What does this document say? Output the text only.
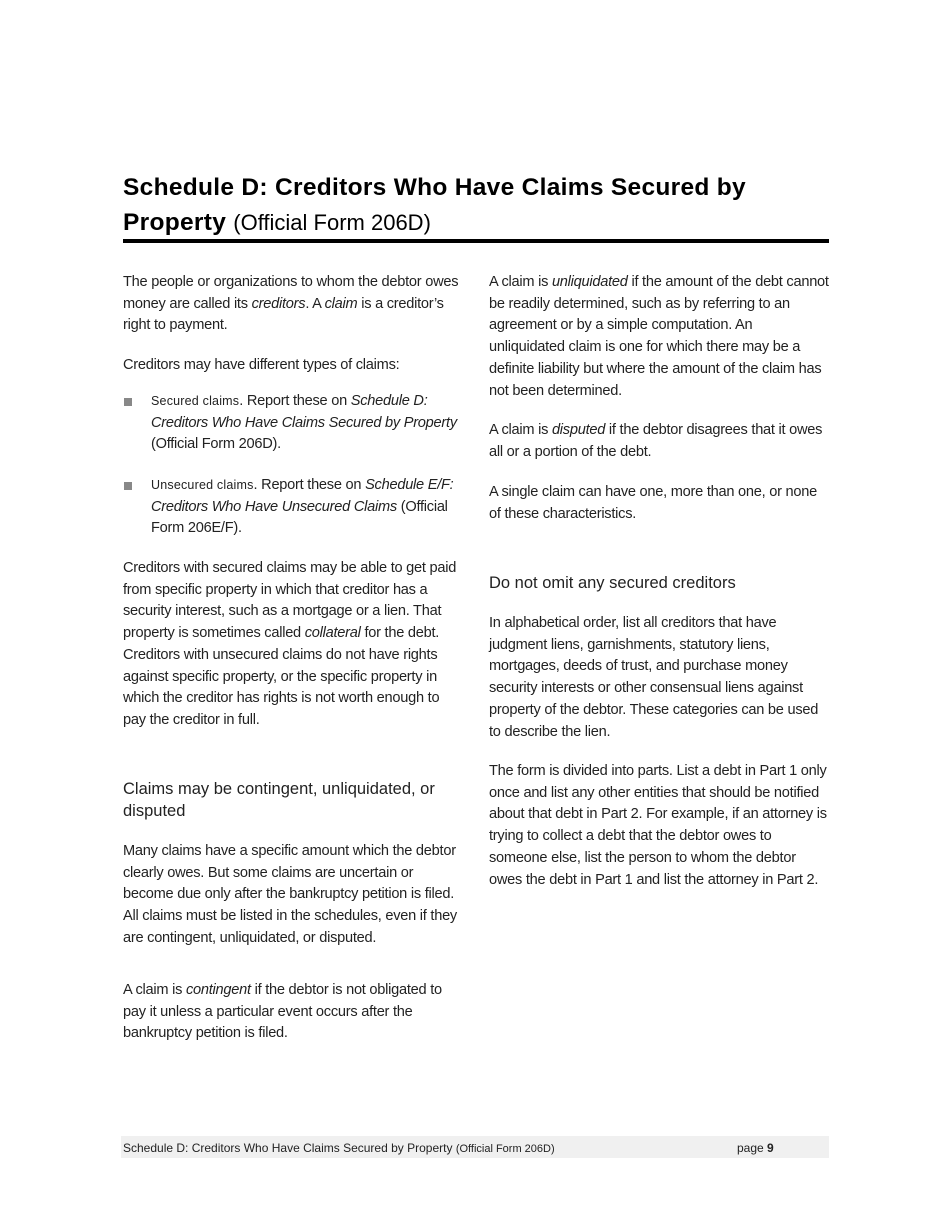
Schedule D: Creditors Who Have Claims Secured by Property (Official Form 206D)

The people or organizations to whom the debtor owes money are called its creditors. A claim is a creditor’s right to payment.

Creditors may have different types of claims:

Secured claims. Report these on Schedule D: Creditors Who Have Claims Secured by Property (Official Form 206D).
Unsecured claims. Report these on Schedule E/F: Creditors Who Have Unsecured Claims (Official Form 206E/F).

Creditors with secured claims may be able to get paid from specific property in which that creditor has a security interest, such as a mortgage or a lien. That property is sometimes called collateral for the debt. Creditors with unsecured claims do not have rights against specific property, or the specific property in which the creditor has rights is not worth enough to pay the creditor in full.

Claims may be contingent, unliquidated, or disputed

Many claims have a specific amount which the debtor clearly owes. But some claims are uncertain or become due only after the bankruptcy petition is filed. All claims must be listed in the schedules, even if they are contingent, unliquidated, or disputed.

A claim is contingent if the debtor is not obligated to pay it unless a particular event occurs after the bankruptcy petition is filed.

A claim is unliquidated if the amount of the debt cannot be readily determined, such as by referring to an agreement or by a simple computation. An unliquidated claim is one for which there may be a definite liability but where the amount of the claim has not been determined.

A claim is disputed if the debtor disagrees that it owes all or a portion of the debt.

A single claim can have one, more than one, or none of these characteristics.

Do not omit any secured creditors

In alphabetical order, list all creditors that have judgment liens, garnishments, statutory liens, mortgages, deeds of trust, and purchase money security interests or other consensual liens against property of the debtor. These categories can be used to describe the lien.

The form is divided into parts. List a debt in Part 1 only once and list any other entities that should be notified about that debt in Part 2. For example, if an attorney is trying to collect a debt that the debtor owes to someone else, list the person to whom the debtor owes the debt in Part 1 and list the attorney in Part 2.

Schedule D: Creditors Who Have Claims Secured by Property (Official Form 206D)	page 9
